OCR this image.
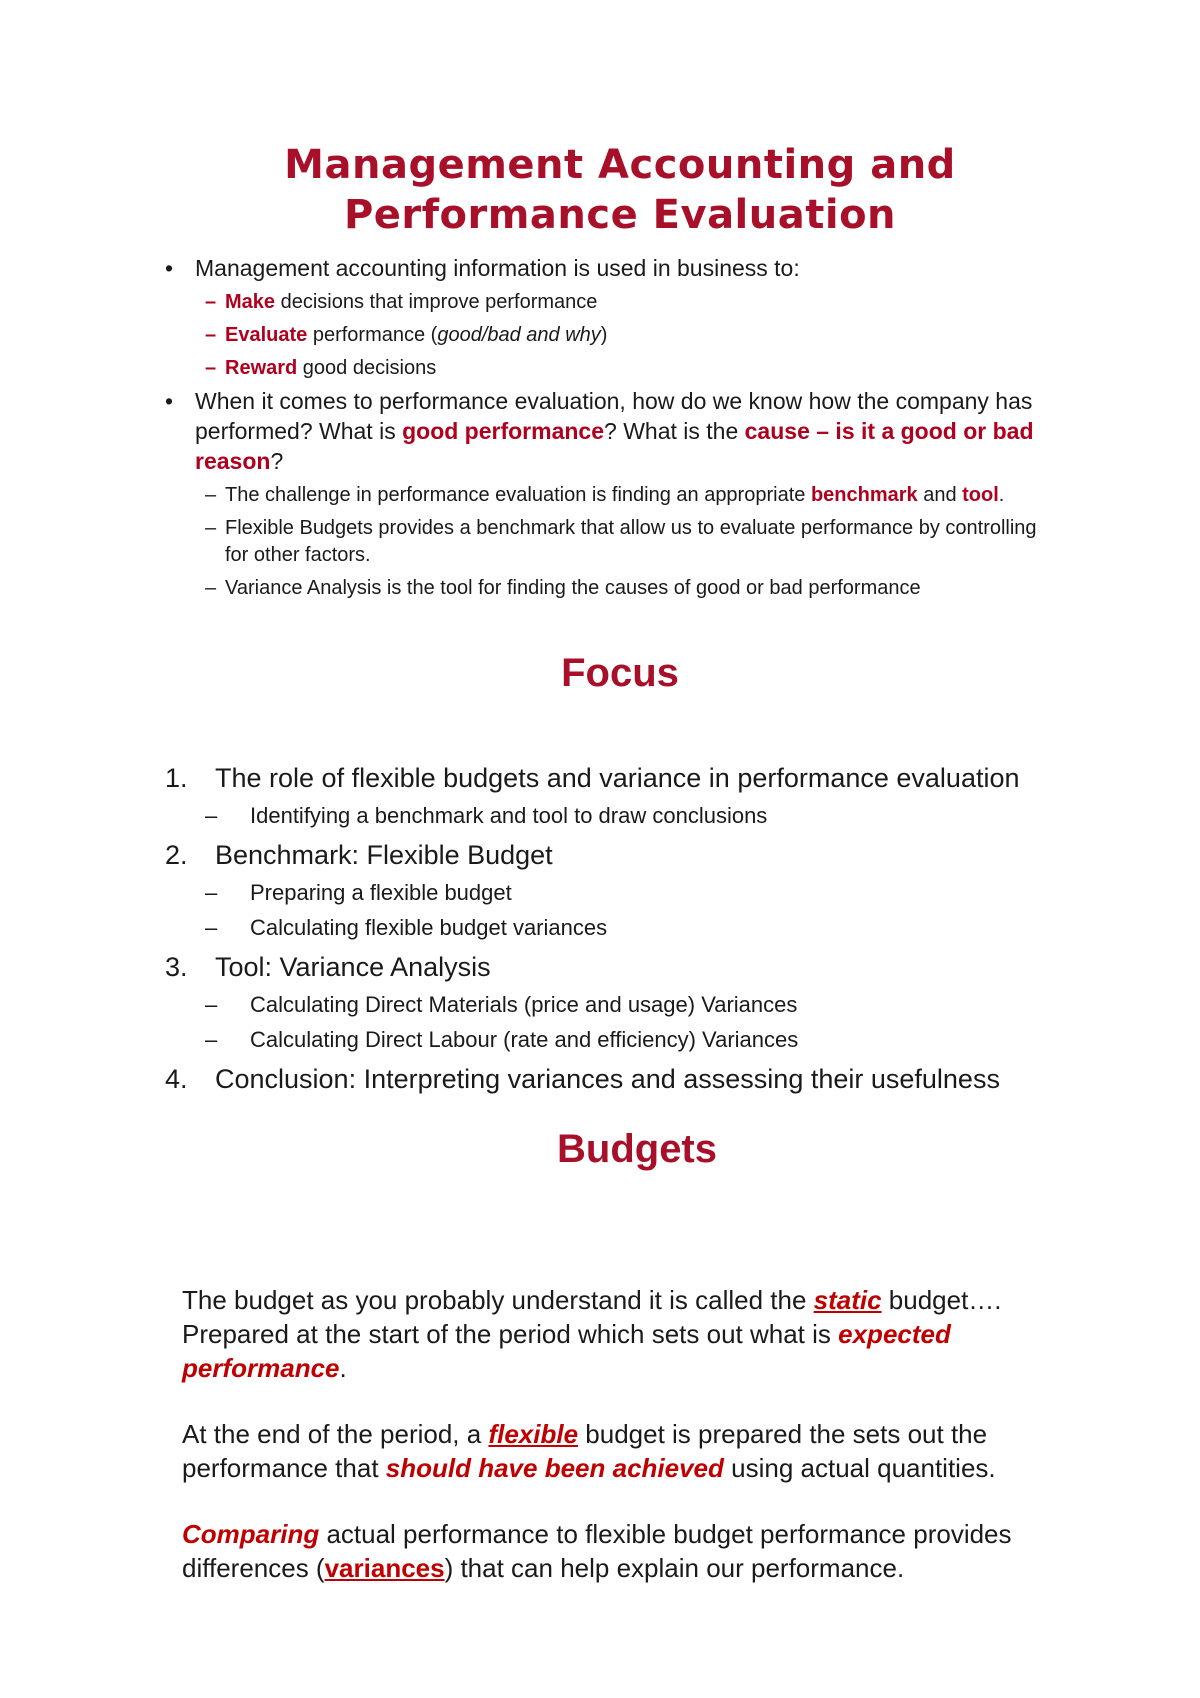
Management Accounting and
Performance Evaluation
• Management accounting information is used in business to:
– Make decisions that improve performance
– Evaluate performance (good/bad and why)
– Reward good decisions
• When it comes to performance evaluation, how do we know how the company has performed? What is good performance? What is the cause – is it a good or bad reason?
– The challenge in performance evaluation is finding an appropriate benchmark and tool.
– Flexible Budgets provides a benchmark that allow us to evaluate performance by controlling for other factors.
– Variance Analysis is the tool for finding the causes of good or bad performance
Focus
1. The role of flexible budgets and variance in performance evaluation
– Identifying a benchmark and tool to draw conclusions
2. Benchmark: Flexible Budget
– Preparing a flexible budget
– Calculating flexible budget variances
3. Tool: Variance Analysis
– Calculating Direct Materials (price and usage) Variances
– Calculating Direct Labour (rate and efficiency) Variances
4. Conclusion: Interpreting variances and assessing their usefulness
Budgets

The budget as you probably understand it is called the static budget…. Prepared at the start of the period which sets out what is expected performance.

At the end of the period, a flexible budget is prepared the sets out the performance that should have been achieved using actual quantities.

Comparing actual performance to flexible budget performance provides differences (variances) that can help explain our performance.
